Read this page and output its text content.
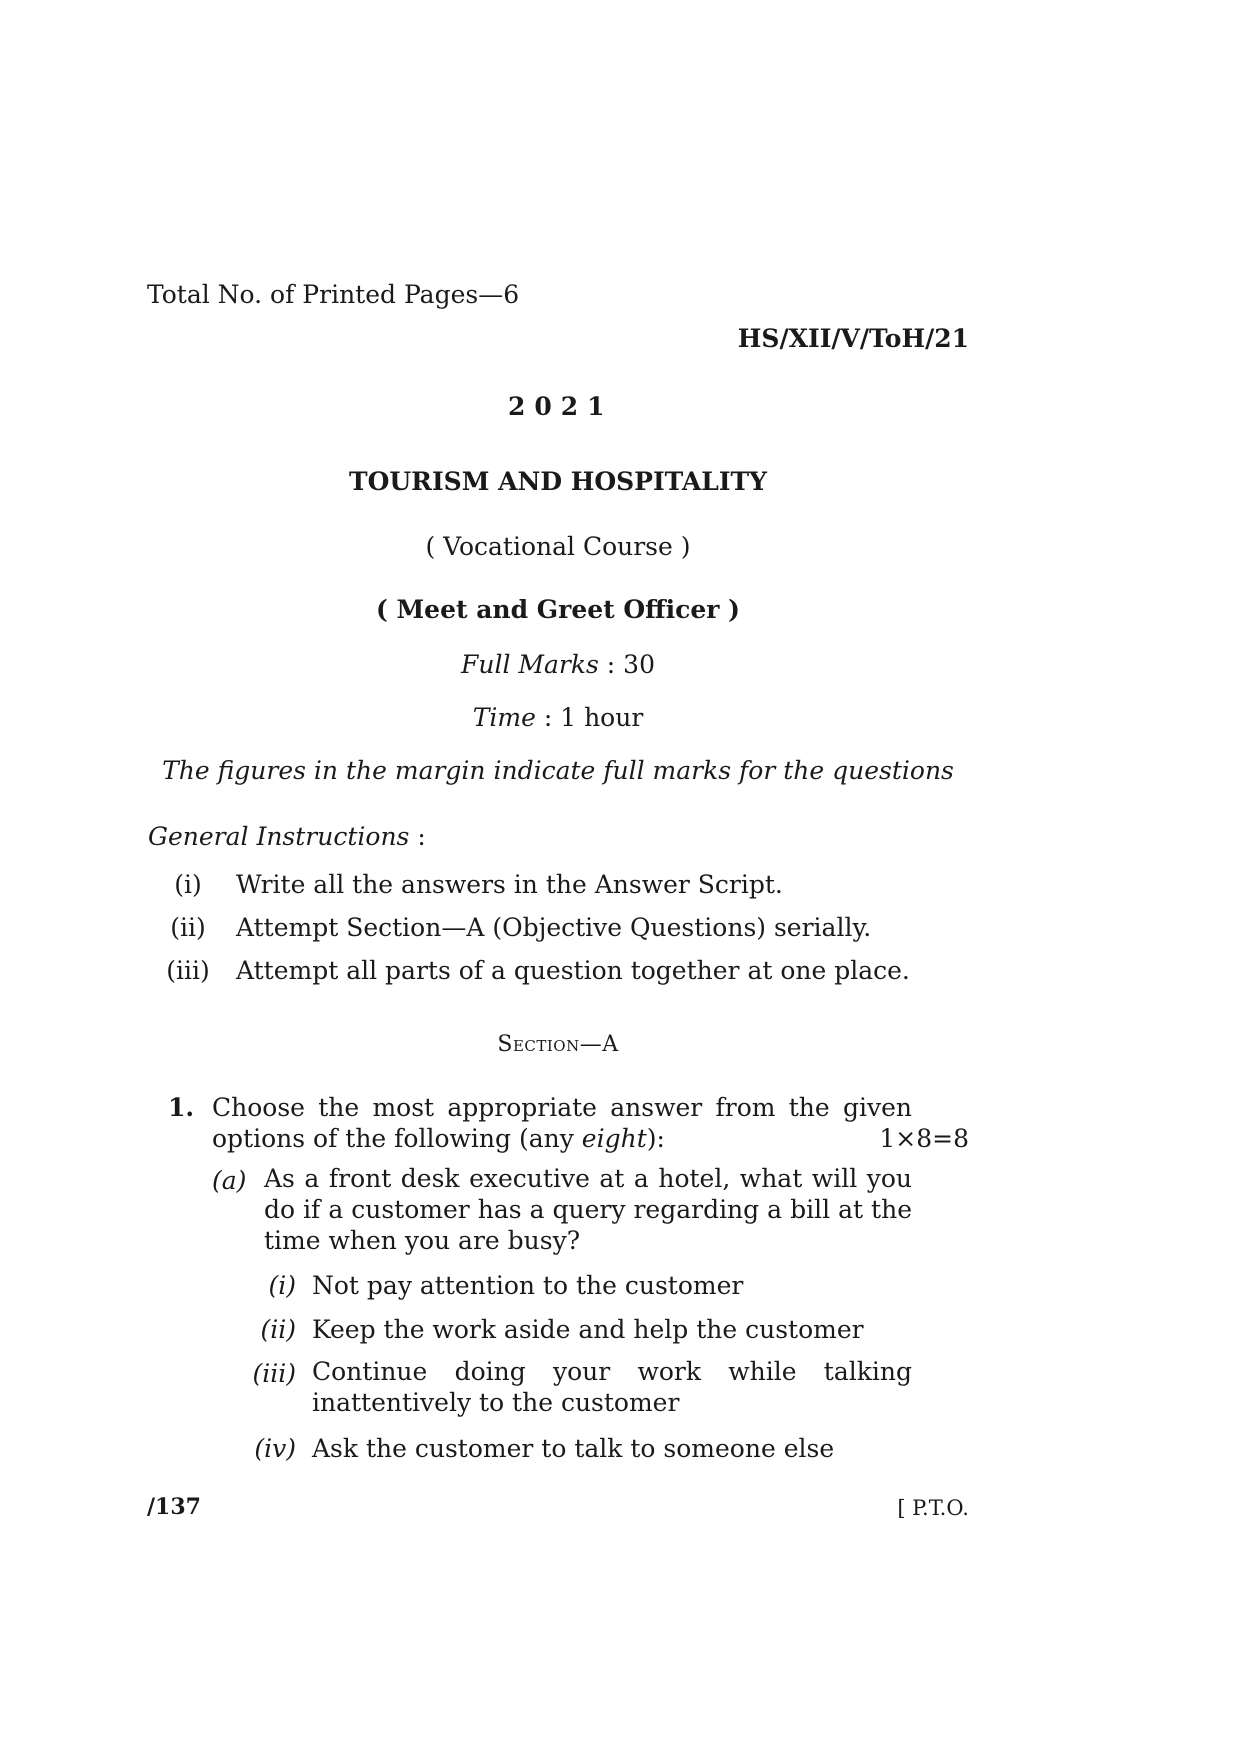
Total No. of Printed Pages—6
HS/XII/V/ToH/21
2021
TOURISM AND HOSPITALITY
( Vocational Course )
( Meet and Greet Officer )
Full Marks : 30
Time : 1 hour
The figures in the margin indicate full marks for the questions
General Instructions :
(i)	Write all the answers in the Answer Script.
(ii)	Attempt Section—A (Objective Questions) serially.
(iii)	Attempt all parts of a question together at one place.
Section—A
1. Choose the most appropriate answer from the given
options of the following (any eight):	1×8=8
(a) As a front desk executive at a hotel, what will you do if a customer has a query regarding a bill at the time when you are busy?
(i) Not pay attention to the customer
(ii) Keep the work aside and help the customer
(iii) Continue doing your work while talking inattentively to the customer
(iv) Ask the customer to talk to someone else
/137	[ P.T.O.
